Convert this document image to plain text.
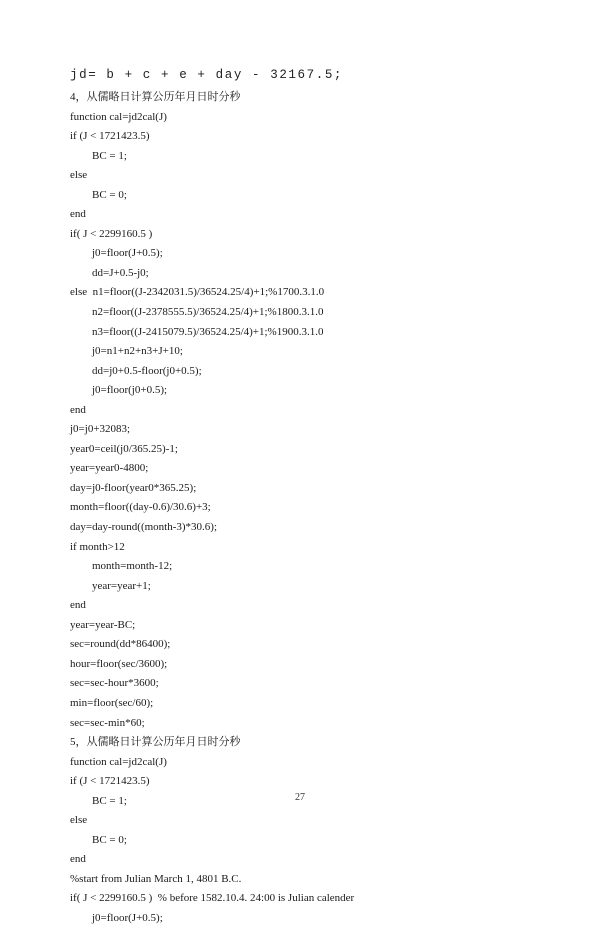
jd= b + c + e + day - 32167.5;
4，从儒略日计算公历年月日时分秒
function cal=jd2cal(J)
if (J < 1721423.5)
BC = 1;
else
BC = 0;
end
if( J < 2299160.5 )
j0=floor(J+0.5);
dd=J+0.5-j0;
else  n1=floor((J-2342031.5)/36524.25/4)+1;%1700.3.1.0
n2=floor((J-2378555.5)/36524.25/4)+1;%1800.3.1.0
n3=floor((J-2415079.5)/36524.25/4)+1;%1900.3.1.0
j0=n1+n2+n3+J+10;
dd=j0+0.5-floor(j0+0.5);
j0=floor(j0+0.5);
end
j0=j0+32083;
year0=ceil(j0/365.25)-1;
year=year0-4800;
day=j0-floor(year0*365.25);
month=floor((day-0.6)/30.6)+3;
day=day-round((month-3)*30.6);
if month>12
month=month-12;
year=year+1;
end
year=year-BC;
sec=round(dd*86400);
hour=floor(sec/3600);
sec=sec-hour*3600;
min=floor(sec/60);
sec=sec-min*60;
5，从儒略日计算公历年月日时分秒
function cal=jd2cal(J)
if (J < 1721423.5)
BC = 1;
else
BC = 0;
end
%start from Julian March 1, 4801 B.C.
if( J < 2299160.5 )  % before 1582.10.4. 24:00 is Julian calender
j0=floor(J+0.5);
27
